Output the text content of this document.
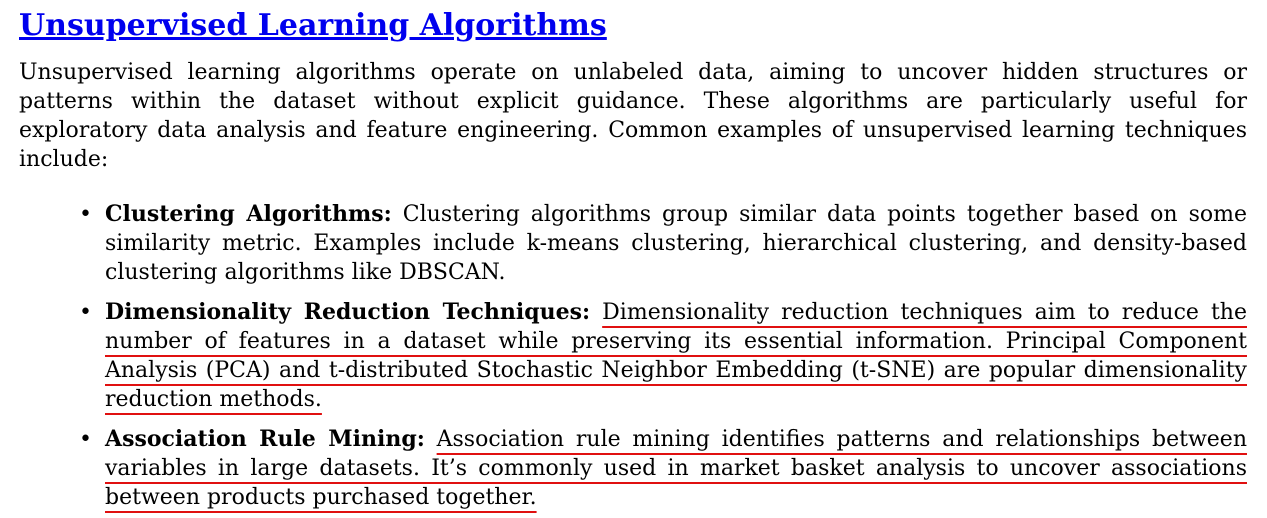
Unsupervised Learning Algorithms

Unsupervised learning algorithms operate on unlabeled data, aiming to uncover hidden structures or patterns within the dataset without explicit guidance. These algorithms are particularly useful for exploratory data analysis and feature engineering. Common examples of unsupervised learning techniques include:

• Clustering Algorithms: Clustering algorithms group similar data points together based on some similarity metric. Examples include k-means clustering, hierarchical clustering, and density-based clustering algorithms like DBSCAN.
• Dimensionality Reduction Techniques: Dimensionality reduction techniques aim to reduce the number of features in a dataset while preserving its essential information. Principal Component Analysis (PCA) and t-distributed Stochastic Neighbor Embedding (t-SNE) are popular dimensionality reduction methods.
• Association Rule Mining: Association rule mining identifies patterns and relationships between variables in large datasets. It’s commonly used in market basket analysis to uncover associations between products purchased together.
